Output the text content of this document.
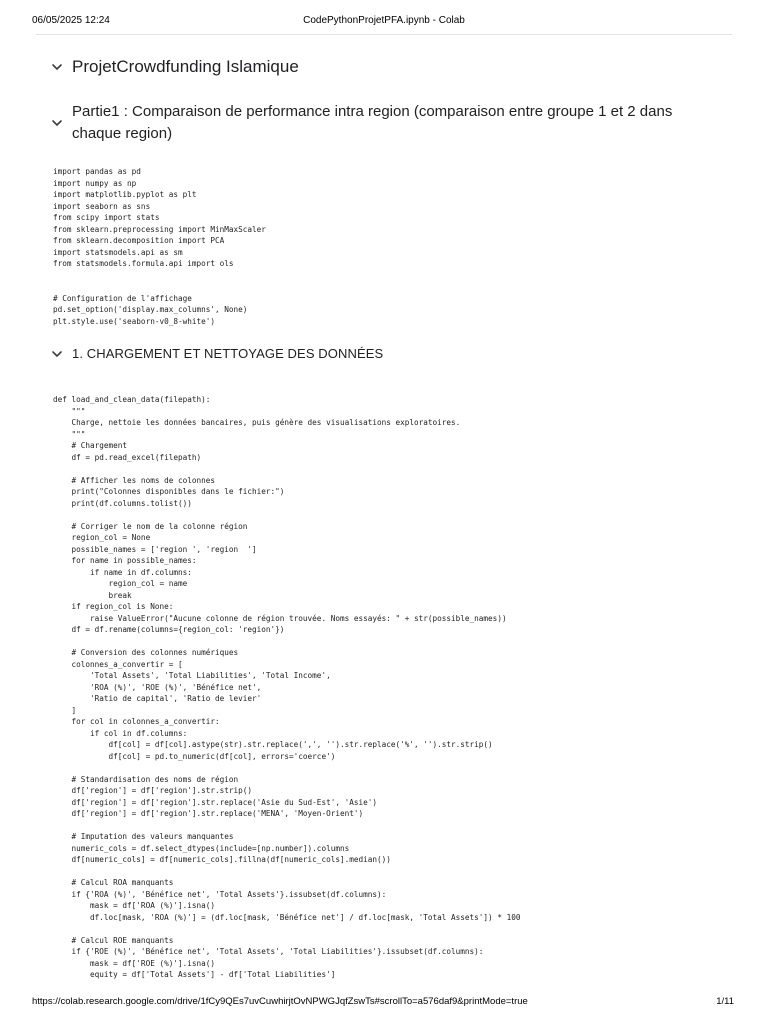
06/05/2025 12:24	CodePythonProjetPFA.ipynb - Colab
ProjetCrowdfunding Islamique
Partie1 : Comparaison de performance intra region (comparaison entre groupe 1 et 2 dans
chaque region)
import pandas as pd
import numpy as np
import matplotlib.pyplot as plt
import seaborn as sns
from scipy import stats
from sklearn.preprocessing import MinMaxScaler
from sklearn.decomposition import PCA
import statsmodels.api as sm
from statsmodels.formula.api import ols

# Configuration de l'affichage
pd.set_option('display.max_columns', None)
plt.style.use('seaborn-v0_8-white')
1. CHARGEMENT ET NETTOYAGE DES DONNÉES
def load_and_clean_data(filepath):
"""
Charge, nettoie les données bancaires, puis génère des visualisations exploratoires.
"""
# Chargement
df = pd.read_excel(filepath)

# Afficher les noms de colonnes
print("Colonnes disponibles dans le fichier:")
print(df.columns.tolist())

# Corriger le nom de la colonne région
region_col = None
possible_names = ['region ', 'region  ']
for name in possible_names:
if name in df.columns:
region_col = name
break
if region_col is None:
raise ValueError("Aucune colonne de région trouvée. Noms essayés: " + str(possible_names))
df = df.rename(columns={region_col: 'region'})

# Conversion des colonnes numériques
colonnes_a_convertir = [
'Total Assets', 'Total Liabilities', 'Total Income',
'ROA (%)', 'ROE (%)', 'Bénéfice net',
'Ratio de capital', 'Ratio de levier'
]
for col in colonnes_a_convertir:
if col in df.columns:
df[col] = df[col].astype(str).str.replace(',', '').str.replace('%', '').str.strip()
df[col] = pd.to_numeric(df[col], errors='coerce')

# Standardisation des noms de région
df['region'] = df['region'].str.strip()
df['region'] = df['region'].str.replace('Asie du Sud-Est', 'Asie')
df['region'] = df['region'].str.replace('MENA', 'Moyen-Orient')

# Imputation des valeurs manquantes
numeric_cols = df.select_dtypes(include=[np.number]).columns
df[numeric_cols] = df[numeric_cols].fillna(df[numeric_cols].median())

# Calcul ROA manquants
if {'ROA (%)', 'Bénéfice net', 'Total Assets'}.issubset(df.columns):
mask = df['ROA (%)'].isna()
df.loc[mask, 'ROA (%)'] = (df.loc[mask, 'Bénéfice net'] / df.loc[mask, 'Total Assets']) * 100

# Calcul ROE manquants
if {'ROE (%)', 'Bénéfice net', 'Total Assets', 'Total Liabilities'}.issubset(df.columns):
mask = df['ROE (%)'].isna()
equity = df['Total Assets'] - df['Total Liabilities']
https://colab.research.google.com/drive/1fCy9QEs7uvCuwhirjtOvNPWGJqfZswTs#scrollTo=a576daf9&printMode=true	1/11
